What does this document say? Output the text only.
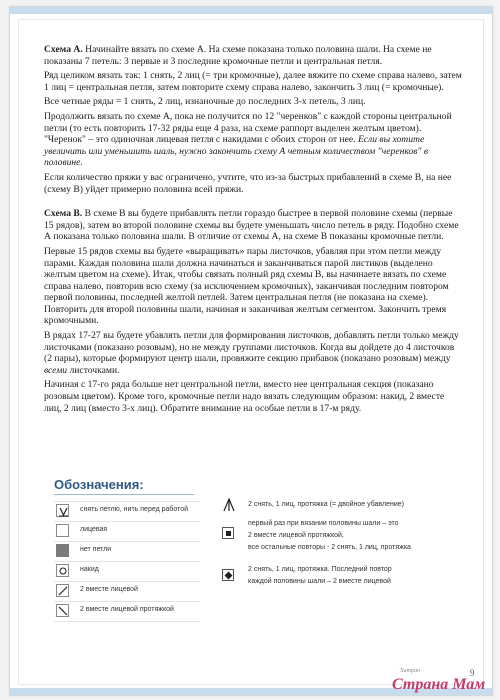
Схема А. Начинайте вязать по схеме А. На схеме показана только половина шали. На схеме не показаны 7 петель: 3 первые и 3 последние кромочные петли и центральная петля.

Ряд целиком вязать так: 1 снять, 2 лиц (= три кромочные), далее вяжите по схеме справа налево, затем 1 лиц = центральная петля, затем повторите схему справа налево, закончить 3 лиц (= кромочные).

Все четные ряды = 1 снять, 2 лиц, изнаночные до последних 3-х петель, 3 лиц.

Продолжить вязать по схеме А, пока не получится по 12 "черенков" с каждой стороны центральной петли (то есть повторить 17-32 ряды еще 4 раза, на схеме раппорт выделен желтым цветом). "Черенок" – это одиночная лицевая петля с накидами с обоих сторон от нее. Если вы хотите увеличить или уменьшить шаль, нужно закончить схему А четным количеством "черенков" в половине.

Если количество пряжи у вас ограничено, учтите, что из-за быстрых прибавлений в схеме В, на нее (схему В) уйдет примерно половина всей пряжи.

Схема В. В схеме В вы будете прибавлять петли гораздо быстрее в первой половине схемы (первые 15 рядов), затем во второй половине схемы вы будете уменьшать число петель в ряду. Подобно схеме А показана только половина шали. В отличие от схемы А, на схеме В показаны кромочные петли.

Первые 15 рядов схемы вы будете «выращивать» пары листочков, убавляя при этом петли между парами. Каждая половина шали должна начинаться и заканчиваться парой листиков (выделено желтым цветом на схеме). Итак, чтобы связать полный ряд схемы В, вы начинаете вязать по схеме справа налево, повторив всю схему (за исключением кромочных), заканчивая последним повтором первой половины, последней желтой петлей. Затем центральная петля (не показана на схеме). Повторить для второй половины шали, начиная и заканчивая желтым сегментом. Закончить тремя кромочными.

В рядах 17-27 вы будете убавлять петли для формирования листочков, добавлять петли только между листочками (показано розовым), но не между группами листочков. Когда вы дойдете до 4 листочков (2 пары), которые формируют центр шали, провяжите секцию прибавок (показано розовым) между всеми листочками.

Начиная с 17-го ряда больше нет центральной петли, вместо нее центральная секция (показано розовым цветом). Кроме того, кромочные петли надо вязать следующим образом: накид, 2 вместе лиц, 2 лиц (вместо 3-х лиц). Обратите внимание на особые петли в 17-м ряду.

Обозначения:
снять петлю, нить перед работой
лицевая
нет петли
накид
2 вместе лицевой
2 вместе лицевой протяжкой
2 снять, 1 лиц, протяжка (= двойное убавление)
первый раз при вязании половины шали – это
2 вместе лицевой протяжкой,
все остальные повторы - 2 снять, 1 лиц, протяжка
2 снять, 1 лиц, протяжка. Последний повтор
каждой половины шали – 2 вместе лицевой
Хатрин	9
Страна Мам
